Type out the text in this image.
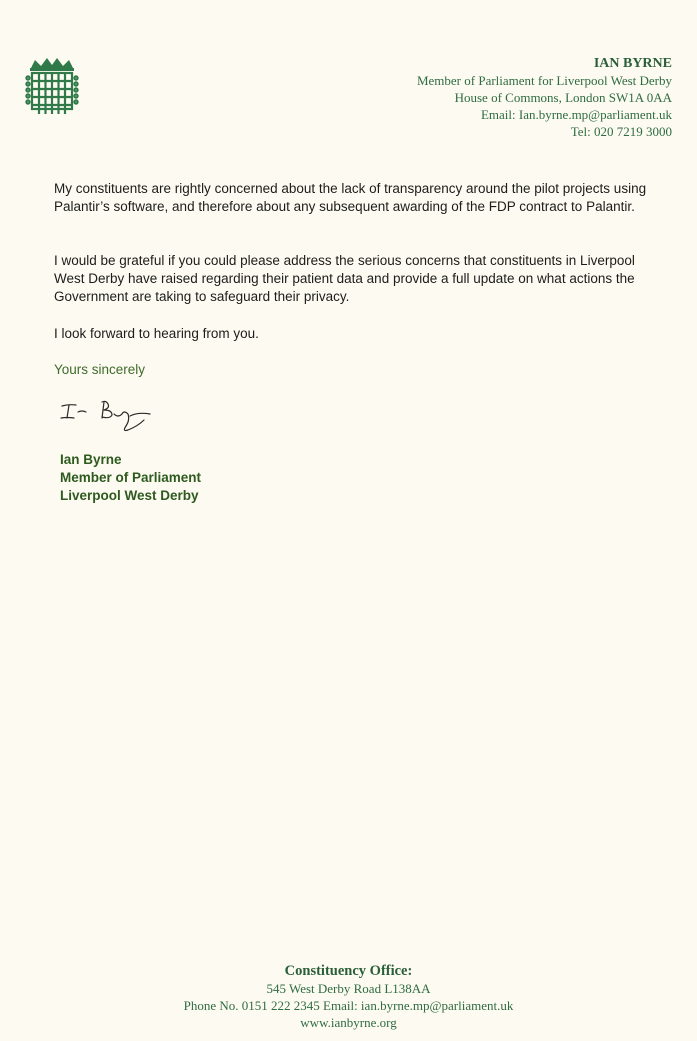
IAN BYRNE
Member of Parliament for Liverpool West Derby
House of Commons, London SW1A 0AA
Email: Ian.byrne.mp@parliament.uk
Tel: 020 7219 3000

My constituents are rightly concerned about the lack of transparency around the pilot projects using Palantir’s software, and therefore about any subsequent awarding of the FDP contract to Palantir.

I would be grateful if you could please address the serious concerns that constituents in Liverpool West Derby have raised regarding their patient data and provide a full update on what actions the Government are taking to safeguard their privacy.

I look forward to hearing from you.

Yours sincerely
Ian Byrne
Member of Parliament
Liverpool West Derby
Constituency Office:
545 West Derby Road L138AA
Phone No. 0151 222 2345 Email: ian.byrne.mp@parliament.uk
www.ianbyrne.org
